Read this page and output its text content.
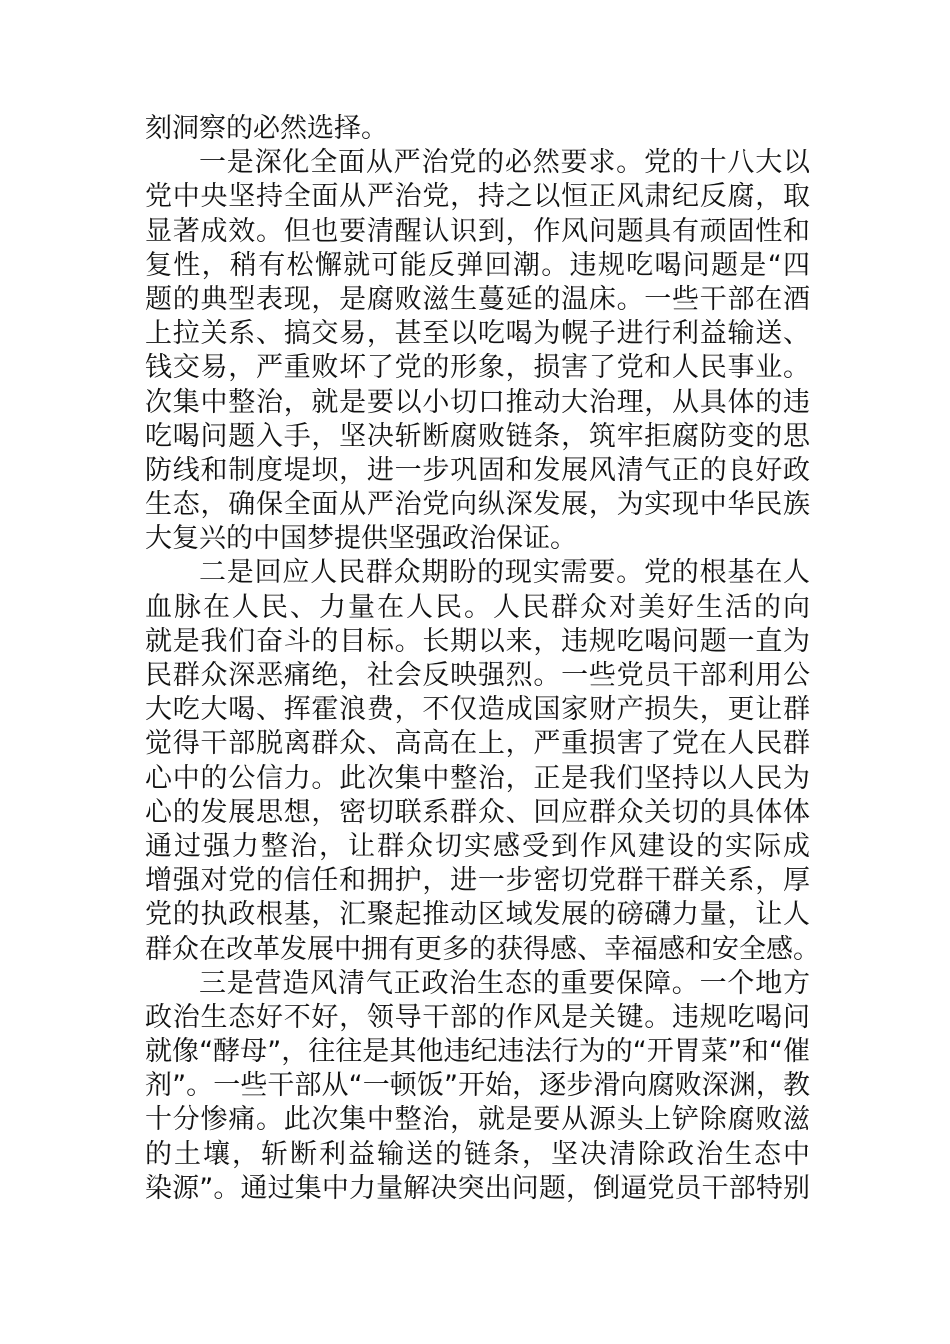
刻洞察的必然选择。
一是深化全面从严治党的必然要求。党的十八大以
党中央坚持全面从严治党，持之以恒正风肃纪反腐，取
显著成效。但也要清醒认识到，作风问题具有顽固性和
复性，稍有松懈就可能反弹回潮。违规吃喝问题是“四
题的典型表现，是腐败滋生蔓延的温床。一些干部在酒
上拉关系、搞交易，甚至以吃喝为幌子进行利益输送、
钱交易，严重败坏了党的形象，损害了党和人民事业。
次集中整治，就是要以小切口推动大治理，从具体的违
吃喝问题入手，坚决斩断腐败链条，筑牢拒腐防变的思
防线和制度堤坝，进一步巩固和发展风清气正的良好政
生态，确保全面从严治党向纵深发展，为实现中华民族
大复兴的中国梦提供坚强政治保证。
二是回应人民群众期盼的现实需要。党的根基在人
血脉在人民、力量在人民。人民群众对美好生活的向
就是我们奋斗的目标。长期以来，违规吃喝问题一直为
民群众深恶痛绝，社会反映强烈。一些党员干部利用公
大吃大喝、挥霍浪费，不仅造成国家财产损失，更让群
觉得干部脱离群众、高高在上，严重损害了党在人民群
心中的公信力。此次集中整治，正是我们坚持以人民为
心的发展思想，密切联系群众、回应群众关切的具体体
通过强力整治，让群众切实感受到作风建设的实际成
增强对党的信任和拥护，进一步密切党群干群关系，厚
党的执政根基，汇聚起推动区域发展的磅礴力量，让人
群众在改革发展中拥有更多的获得感、幸福感和安全感。
三是营造风清气正政治生态的重要保障。一个地方
政治生态好不好，领导干部的作风是关键。违规吃喝问
就像“酵母”，往往是其他违纪违法行为的“开胃菜”和“催
剂”。一些干部从“一顿饭”开始，逐步滑向腐败深渊，教
十分惨痛。此次集中整治，就是要从源头上铲除腐败滋
的土壤，斩断利益输送的链条，坚决清除政治生态中
染源”。通过集中力量解决突出问题，倒逼党员干部特别
